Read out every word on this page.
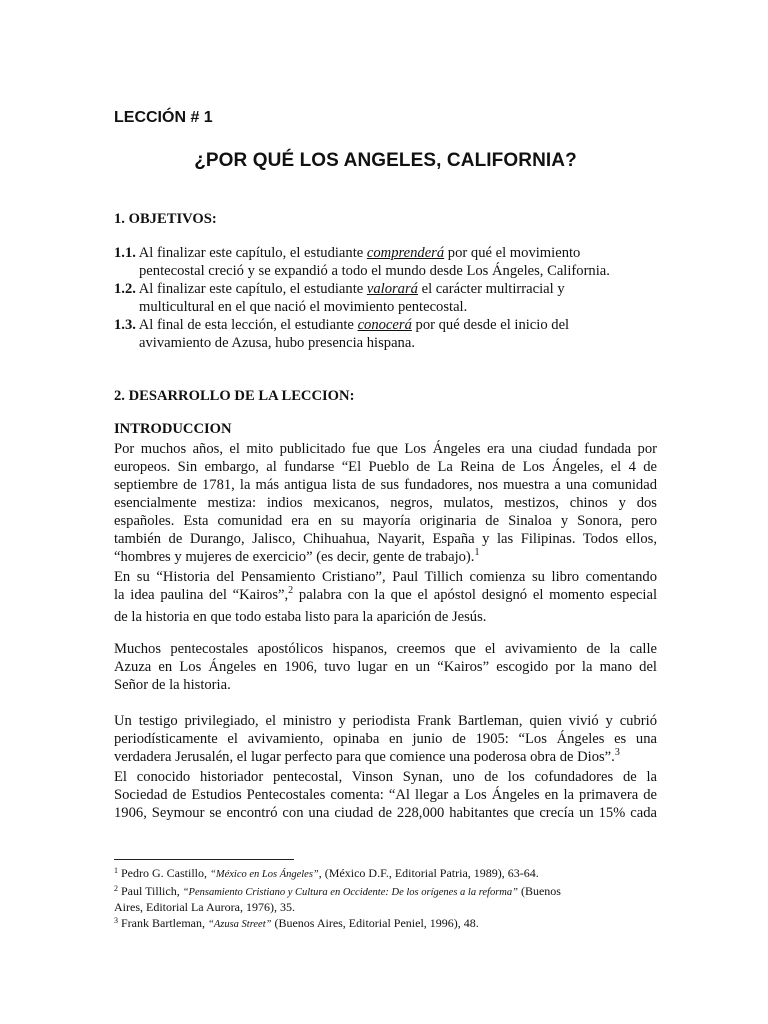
LECCIÓN # 1
¿POR QUÉ LOS ANGELES, CALIFORNIA?
1. OBJETIVOS:
1.1. Al finalizar este capítulo, el estudiante comprenderá por qué el movimiento
pentecostal creció y se expandió a todo el mundo desde Los Ángeles, California.
1.2. Al finalizar este capítulo, el estudiante valorará el carácter multirracial y
multicultural en el que nació el movimiento pentecostal.
1.3. Al final de esta lección, el estudiante conocerá por qué desde el inicio del
avivamiento de Azusa, hubo presencia hispana.
2. DESARROLLO DE LA LECCION:
INTRODUCCION
Por muchos años, el mito publicitado fue que Los Ángeles era una ciudad fundada por
europeos. Sin embargo, al fundarse “El Pueblo de La Reina de Los Ángeles, el 4 de
septiembre de 1781, la más antigua lista de sus fundadores, nos muestra a una comunidad
esencialmente mestiza: indios mexicanos, negros, mulatos, mestizos, chinos y dos
españoles. Esta comunidad era en su mayoría originaria de Sinaloa y Sonora, pero
también de Durango, Jalisco, Chihuahua, Nayarit, España y las Filipinas. Todos ellos,
“hombres y mujeres de exercicio” (es decir, gente de trabajo).$^1$
En su “Historia del Pensamiento Cristiano”, Paul Tillich comienza su libro comentando
la idea paulina del “Kairos”,$^2$ palabra con la que el apóstol designó el momento especial
de la historia en que todo estaba listo para la aparición de Jesús.
Muchos pentecostales apostólicos hispanos, creemos que el avivamiento de la calle
Azuza en Los Ángeles en 1906, tuvo lugar en un “Kairos” escogido por la mano del
Señor de la historia.
Un testigo privilegiado, el ministro y periodista Frank Bartleman, quien vivió y cubrió
periodísticamente el avivamiento, opinaba en junio de 1905: “Los Ángeles es una
verdadera Jerusalén, el lugar perfecto para que comience una poderosa obra de Dios”.$^3$
El conocido historiador pentecostal, Vinson Synan, uno de los cofundadores de la
Sociedad de Estudios Pentecostales comenta: “Al llegar a Los Ángeles en la primavera de
1906, Seymour se encontró con una ciudad de 228,000 habitantes que crecía un 15% cada
$^1$ Pedro G. Castillo, “México en Los Ángeles”, (México D.F., Editorial Patria, 1989), 63-64.
$^2$ Paul Tillich, “Pensamiento Cristiano y Cultura en Occidente: De los orígenes a la reforma” (Buenos
Aires, Editorial La Aurora, 1976), 35.
$^3$ Frank Bartleman, “Azusa Street” (Buenos Aires, Editorial Peniel, 1996), 48.
